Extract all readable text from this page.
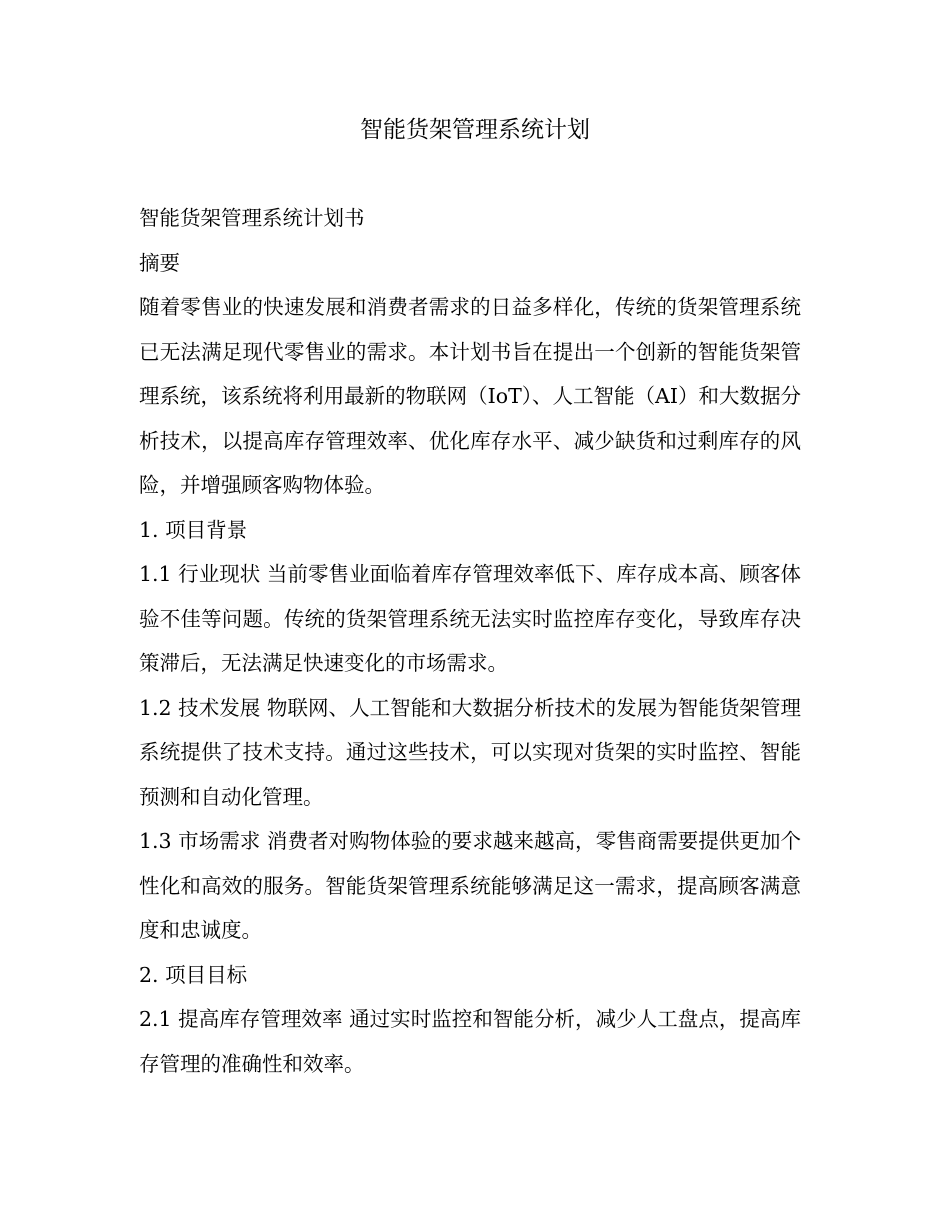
智能货架管理系统计划

智能货架管理系统计划书

摘要

随着零售业的快速发展和消费者需求的日益多样化，传统的货架管理系统已无法满足现代零售业的需求。本计划书旨在提出一个创新的智能货架管理系统，该系统将利用最新的物联网（IoT）、人工智能（AI）和大数据分析技术，以提高库存管理效率、优化库存水平、减少缺货和过剩库存的风险，并增强顾客购物体验。

1. 项目背景

1.1 行业现状 当前零售业面临着库存管理效率低下、库存成本高、顾客体验不佳等问题。传统的货架管理系统无法实时监控库存变化，导致库存决策滞后，无法满足快速变化的市场需求。

1.2 技术发展 物联网、人工智能和大数据分析技术的发展为智能货架管理系统提供了技术支持。通过这些技术，可以实现对货架的实时监控、智能预测和自动化管理。

1.3 市场需求 消费者对购物体验的要求越来越高，零售商需要提供更加个性化和高效的服务。智能货架管理系统能够满足这一需求，提高顾客满意度和忠诚度。

2. 项目目标

2.1 提高库存管理效率 通过实时监控和智能分析，减少人工盘点，提高库存管理的准确性和效率。
